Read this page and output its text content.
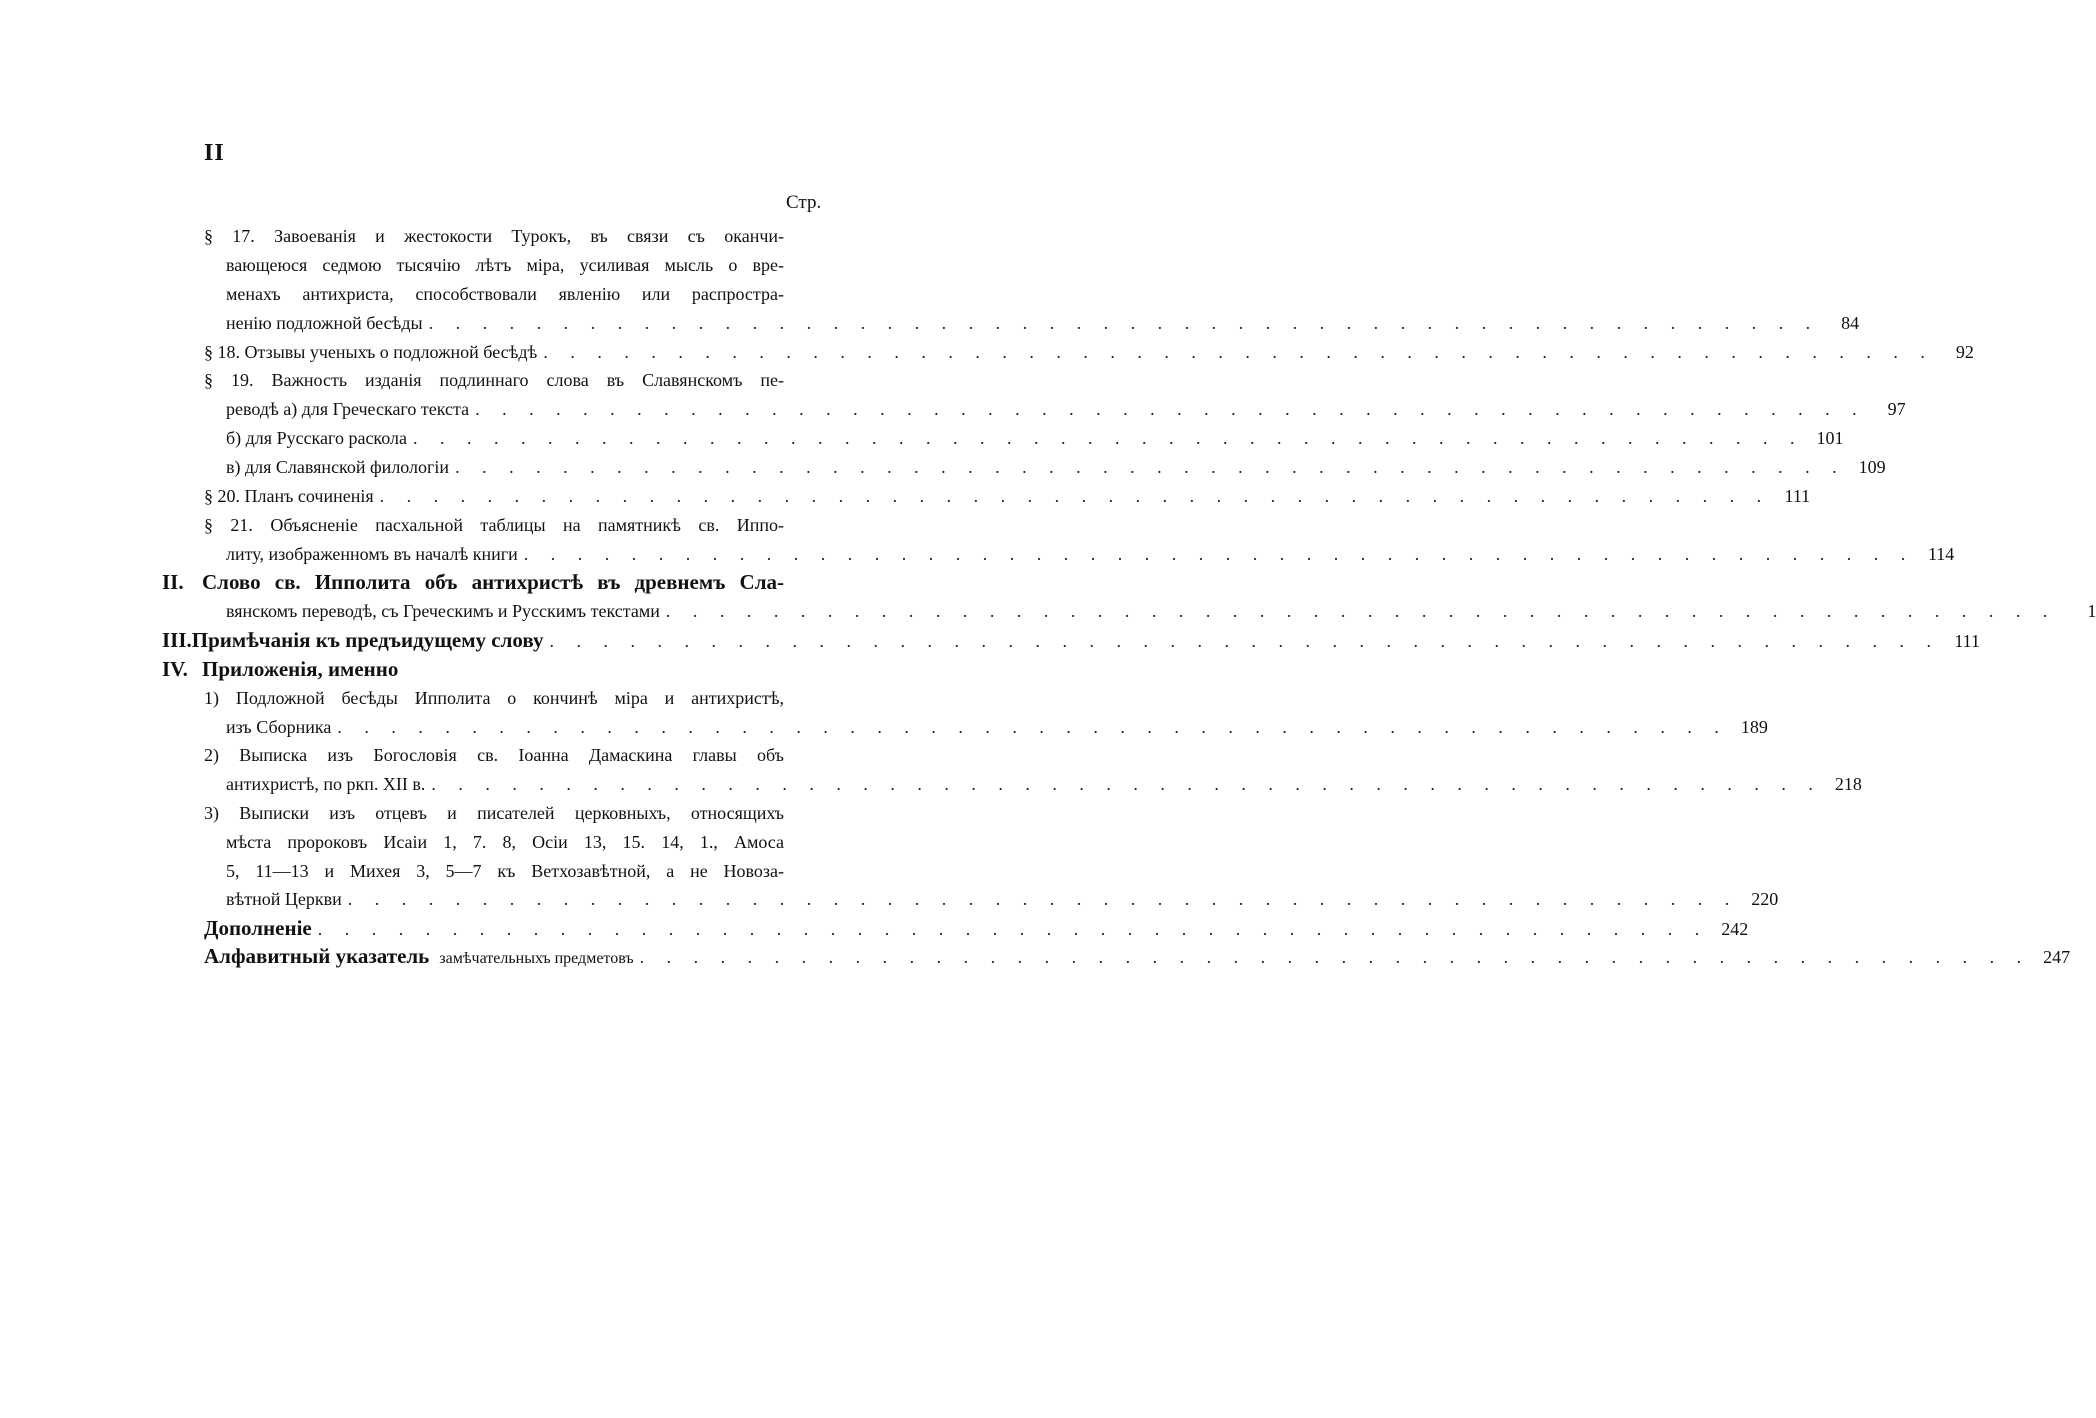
II
Стр.
§ 17. Завоеванія и жестокости Турокъ, въ связи съ оканчи-
вающеюся седмою тысячію лѣтъ міра, усиливая мысль о вре-
менахъ антихриста, способствовали явленію или распростра-
ненію подложной бесѣды . . . . . . . . . . . . . . . . . . . . . . . . . . . . . . . . . . . . . . . . . . . . . . . . . . . .	84
§ 18. Отзывы ученыхъ о подложной бесѣдѣ . . . . . . . . . . . . . . . . . . . . . . . . . . . . . . . . . . . . . . . . . . . . . . . . . . . .	92
§ 19. Важность изданія подлиннаго слова въ Славянскомъ пе-
реводѣ а) для Греческаго текста . . . . . . . . . . . . . . . . . . . . . . . . . . . . . . . . . . . . . . . . . . . . . . . . . . . .	97
б) для Русскаго раскола . . . . . . . . . . . . . . . . . . . . . . . . . . . . . . . . . . . . . . . . . . . . . . . . . . . . 101
в) для Славянской филологіи . . . . . . . . . . . . . . . . . . . . . . . . . . . . . . . . . . . . . . . . . . . . . . . . . . . . 109
§ 20. Планъ сочиненія . . . . . . . . . . . . . . . . . . . . . . . . . . . . . . . . . . . . . . . . . . . . . . . . . . . . 111
§ 21. Объясненіе пасхальной таблицы на памятникѣ св. Иппо-
литу, изображенномъ въ началѣ книги . . . . . . . . . . . . . . . . . . . . . . . . . . . . . . . . . . . . . . . . . . . . . . . . . . . . 114
II. Слово св. Ипполита объ антихристѣ въ древнемъ Сла-
вянскомъ переводѣ, съ Греческимъ и Русскимъ текстами . . . . . . . . . . . . . . . . . . . . . . . . . . . . . . . . . . . . . . . . . . . . . . . . . . . .	1
III. Примѣчанія къ предъидущему слову . . . . . . . . . . . . . . . . . . . . . . . . . . . . . . . . . . . . . . . . . . . . . . . . . . . . 111
IV. Приложенія, именно
1) Подложной бесѣды Ипполита о кончинѣ міра и антихристѣ,
изъ Сборника . . . . . . . . . . . . . . . . . . . . . . . . . . . . . . . . . . . . . . . . . . . . . . . . . . . . 189
2) Выписка изъ Богословія св. Іоанна Дамаскина главы объ
антихристѣ, по ркп. XII в. . . . . . . . . . . . . . . . . . . . . . . . . . . . . . . . . . . . . . . . . . . . . . . . . . . . . 218
3) Выписки изъ отцевъ и писателей церковныхъ, относящихъ
мѣста пророковъ Исаіи 1, 7. 8, Осіи 13, 15. 14, 1., Амоса
5, 11—13 и Михея 3, 5—7 къ Ветхозавѣтной, а не Новоза-
вѣтной Церкви . . . . . . . . . . . . . . . . . . . . . . . . . . . . . . . . . . . . . . . . . . . . . . . . . . . . 220
Дополненіе . . . . . . . . . . . . . . . . . . . . . . . . . . . . . . . . . . . . . . . . . . . . . . . . . . . . 242
Алфавитный указатель замѣчательныхъ предметовъ . . . . . . . . . . . . . . . . . . . . . . . . . . . . . . . . . . . . . . . . . . . . . . . . . . . . 247
